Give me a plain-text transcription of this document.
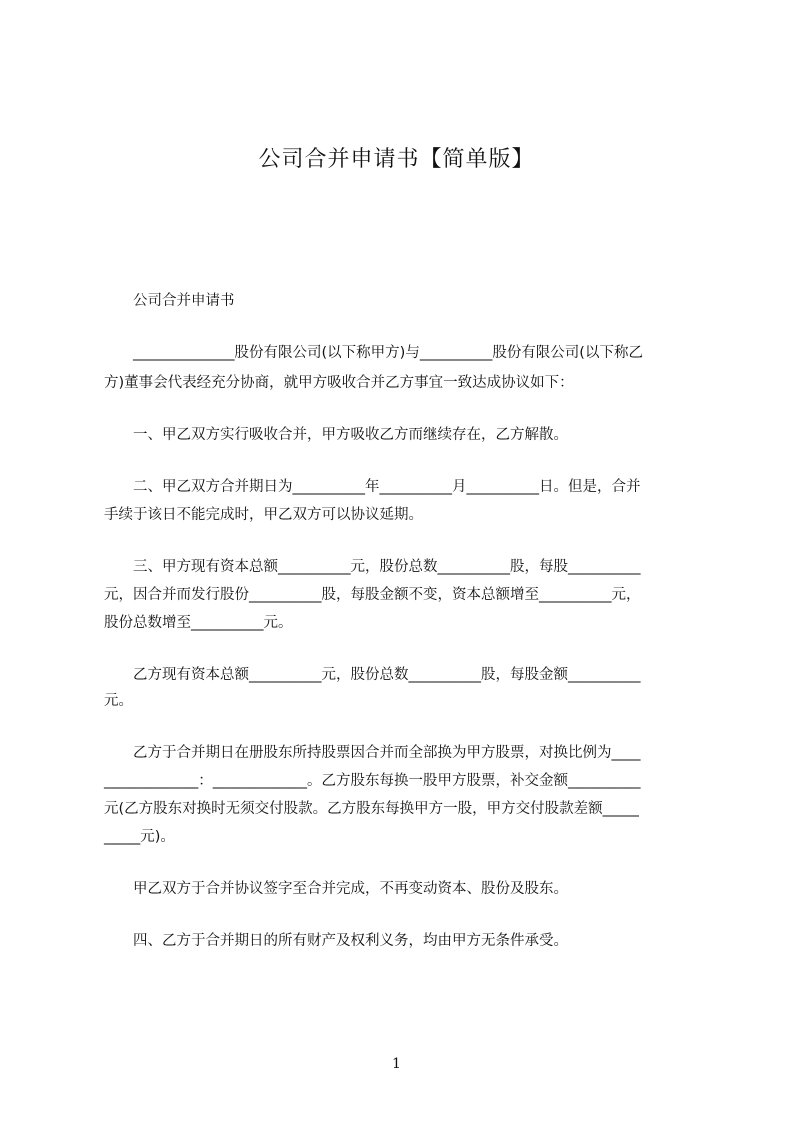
公司合并申请书【简单版】
　　公司合并申请书
　　______________股份有限公司(以下称甲方)与__________股份有限公司(以下称乙
方)董事会代表经充分协商，就甲方吸收合并乙方事宜一致达成协议如下：
　　一、甲乙双方实行吸收合并，甲方吸收乙方而继续存在，乙方解散。
　　二、甲乙双方合并期日为__________年__________月__________日。但是，合并
手续于该日不能完成时，甲乙双方可以协议延期。
　　三、甲方现有资本总额__________元，股份总数__________股，每股__________
元，因合并而发行股份__________股，每股金额不变，资本总额增至__________元，
股份总数增至__________元。
　　乙方现有资本总额__________元，股份总数__________股，每股金额__________
元。
　　乙方于合并期日在册股东所持股票因合并而全部换为甲方股票，对换比例为____
_____________：_____________。乙方股东每换一股甲方股票，补交金额__________
元(乙方股东对换时无须交付股款。乙方股东每换甲方一股，甲方交付股款差额_____
_____元)。
　　甲乙双方于合并协议签字至合并完成，不再变动资本、股份及股东。
　　四、乙方于合并期日的所有财产及权利义务，均由甲方无条件承受。
1
